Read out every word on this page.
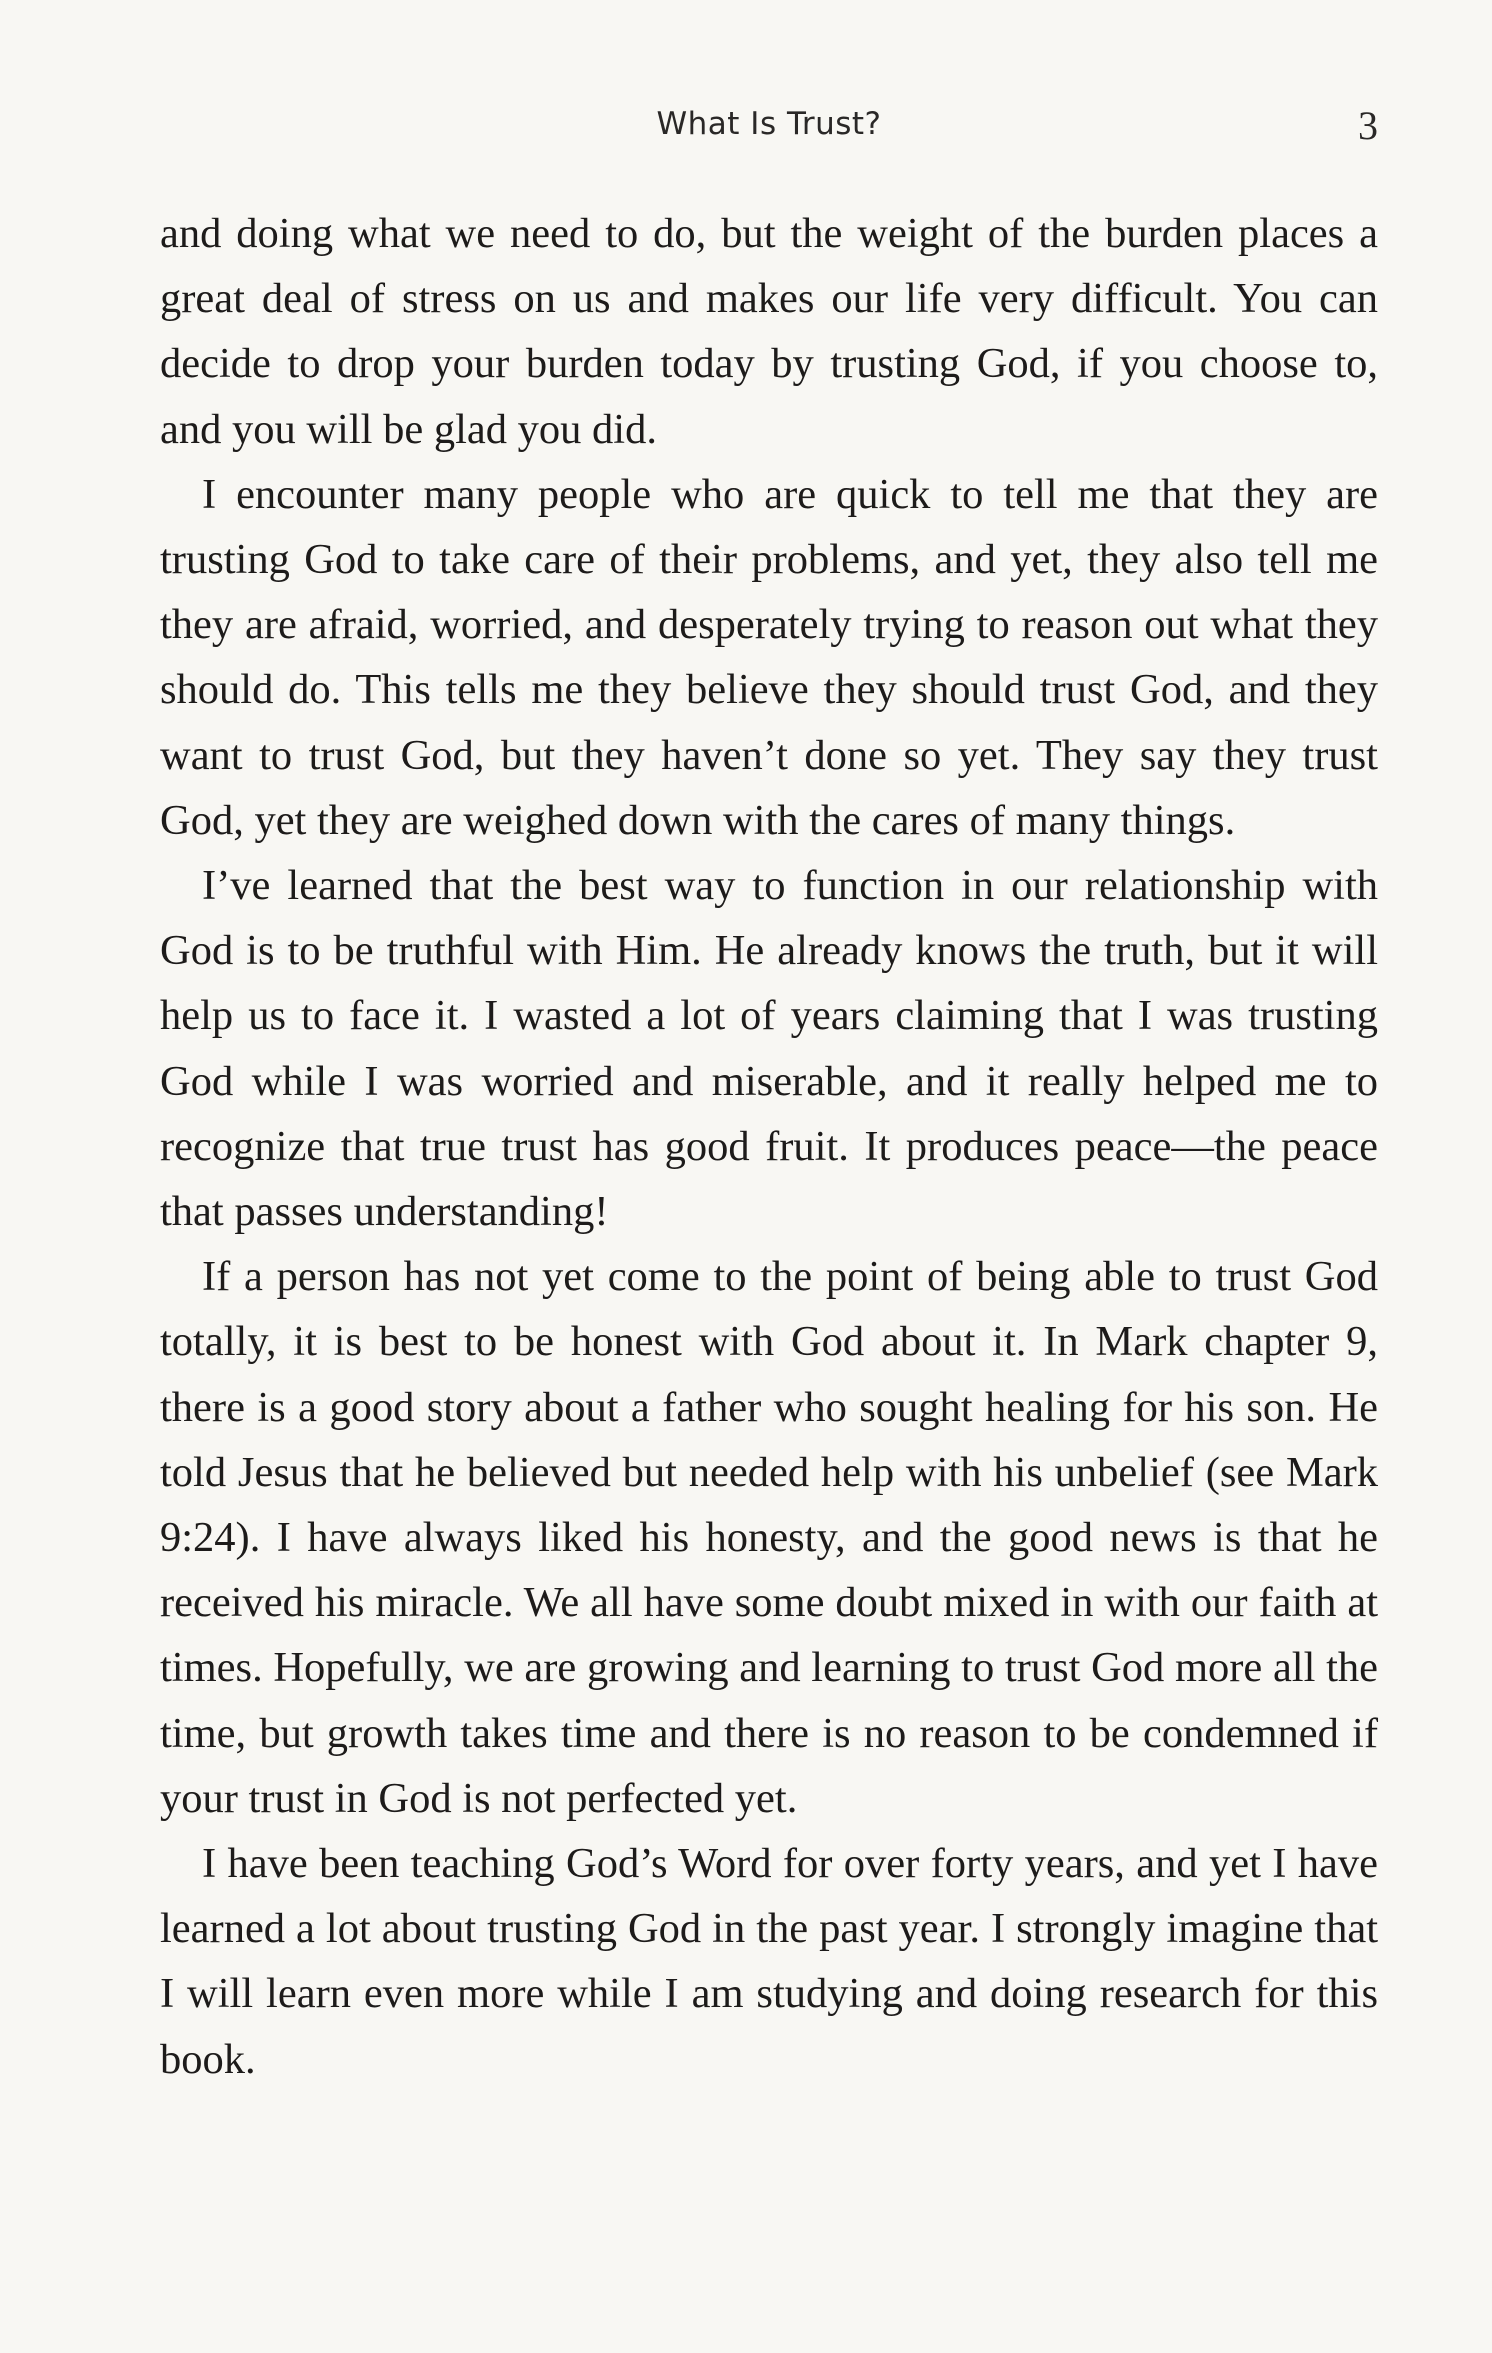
What Is Trust?	3

and doing what we need to do, but the weight of the burden places a great deal of stress on us and makes our life very difficult. You can decide to drop your burden today by trusting God, if you choose to, and you will be glad you did.

I encounter many people who are quick to tell me that they are trusting God to take care of their problems, and yet, they also tell me they are afraid, worried, and desperately trying to reason out what they should do. This tells me they believe they should trust God, and they want to trust God, but they haven’t done so yet. They say they trust God, yet they are weighed down with the cares of many things.

I’ve learned that the best way to function in our relationship with God is to be truthful with Him. He already knows the truth, but it will help us to face it. I wasted a lot of years claiming that I was trusting God while I was worried and miserable, and it really helped me to recognize that true trust has good fruit. It produces peace—the peace that passes understanding!

If a person has not yet come to the point of being able to trust God totally, it is best to be honest with God about it. In Mark chapter 9, there is a good story about a father who sought healing for his son. He told Jesus that he believed but needed help with his unbelief (see Mark 9:24). I have always liked his honesty, and the good news is that he received his miracle. We all have some doubt mixed in with our faith at times. Hopefully, we are growing and learning to trust God more all the time, but growth takes time and there is no reason to be condemned if your trust in God is not perfected yet.

I have been teaching God’s Word for over forty years, and yet I have learned a lot about trusting God in the past year. I strongly imagine that I will learn even more while I am studying and doing research for this book.
